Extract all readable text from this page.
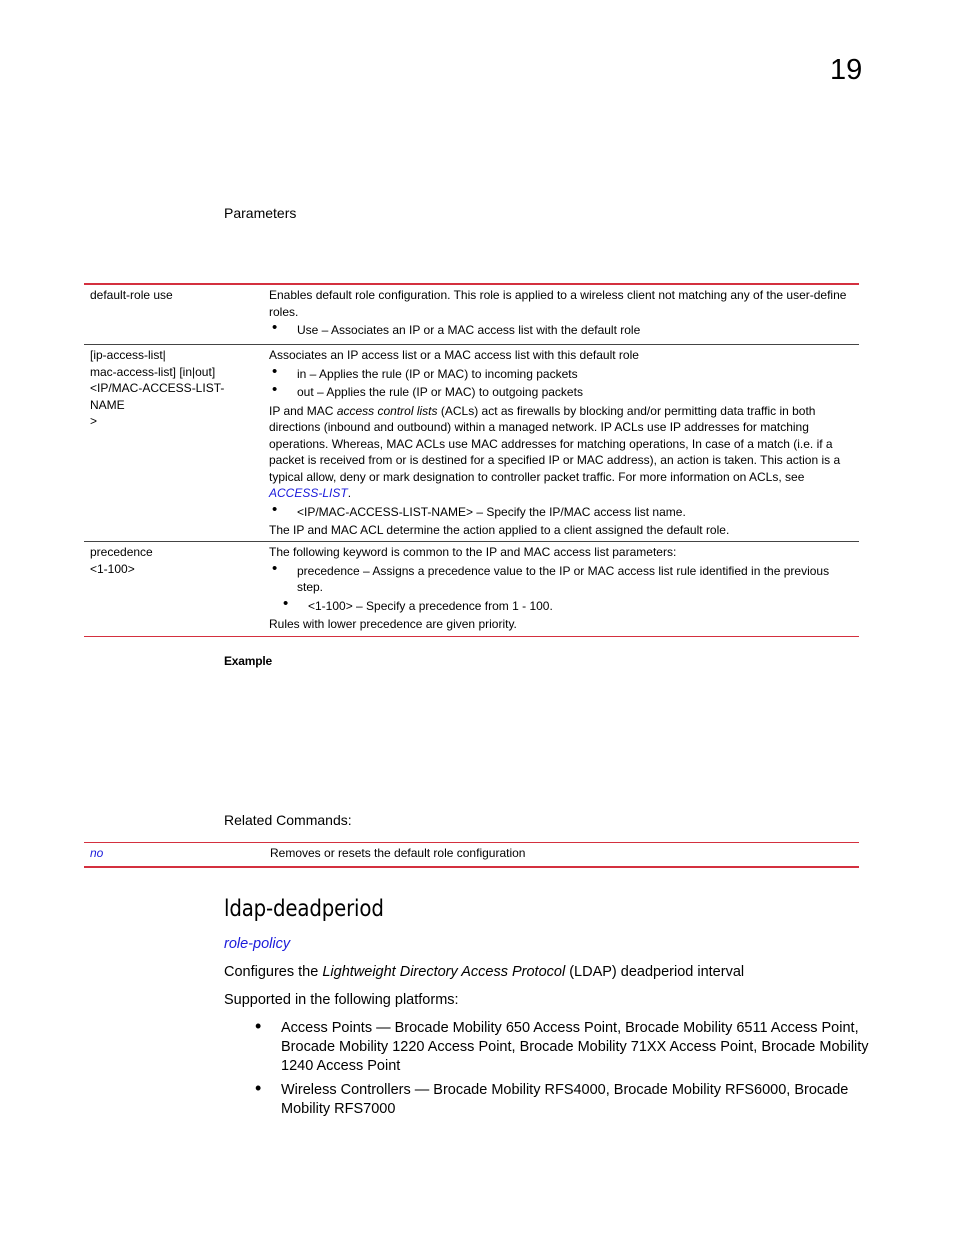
19
Parameters
default-role use	Enables default role configuration. This role is applied to a wireless client not matching any of the user-define roles.
• Use – Associates an IP or a MAC access list with the default role
[ip-access-list|
mac-access-list] [in|out]
<IP/MAC-ACCESS-LIST-NAME
>
Associates an IP access list or a MAC access list with this default role
• in – Applies the rule (IP or MAC) to incoming packets
• out – Applies the rule (IP or MAC) to outgoing packets
IP and MAC access control lists (ACLs) act as firewalls by blocking and/or permitting data traffic in both directions (inbound and outbound) within a managed network. IP ACLs use IP addresses for matching operations. Whereas, MAC ACLs use MAC addresses for matching operations, In case of a match (i.e. if a packet is received from or is destined for a specified IP or MAC address), an action is taken. This action is a typical allow, deny or mark designation to controller packet traffic. For more information on ACLs, see ACCESS-LIST.
• <IP/MAC-ACCESS-LIST-NAME> – Specify the IP/MAC access list name.
The IP and MAC ACL determine the action applied to a client assigned the default role.
precedence
<1-100>
The following keyword is common to the IP and MAC access list parameters:
• precedence – Assigns a precedence value to the IP or MAC access list rule identified in the previous step.
• <1-100> – Specify a precedence from 1 - 100.
Rules with lower precedence are given priority.
Example
Related Commands:
no	Removes or resets the default role configuration
ldap-deadperiod
role-policy
Configures the Lightweight Directory Access Protocol (LDAP) deadperiod interval
Supported in the following platforms:
• Access Points — Brocade Mobility 650 Access Point, Brocade Mobility 6511 Access Point, Brocade Mobility 1220 Access Point, Brocade Mobility 71XX Access Point, Brocade Mobility 1240 Access Point
• Wireless Controllers — Brocade Mobility RFS4000, Brocade Mobility RFS6000, Brocade Mobility RFS7000
